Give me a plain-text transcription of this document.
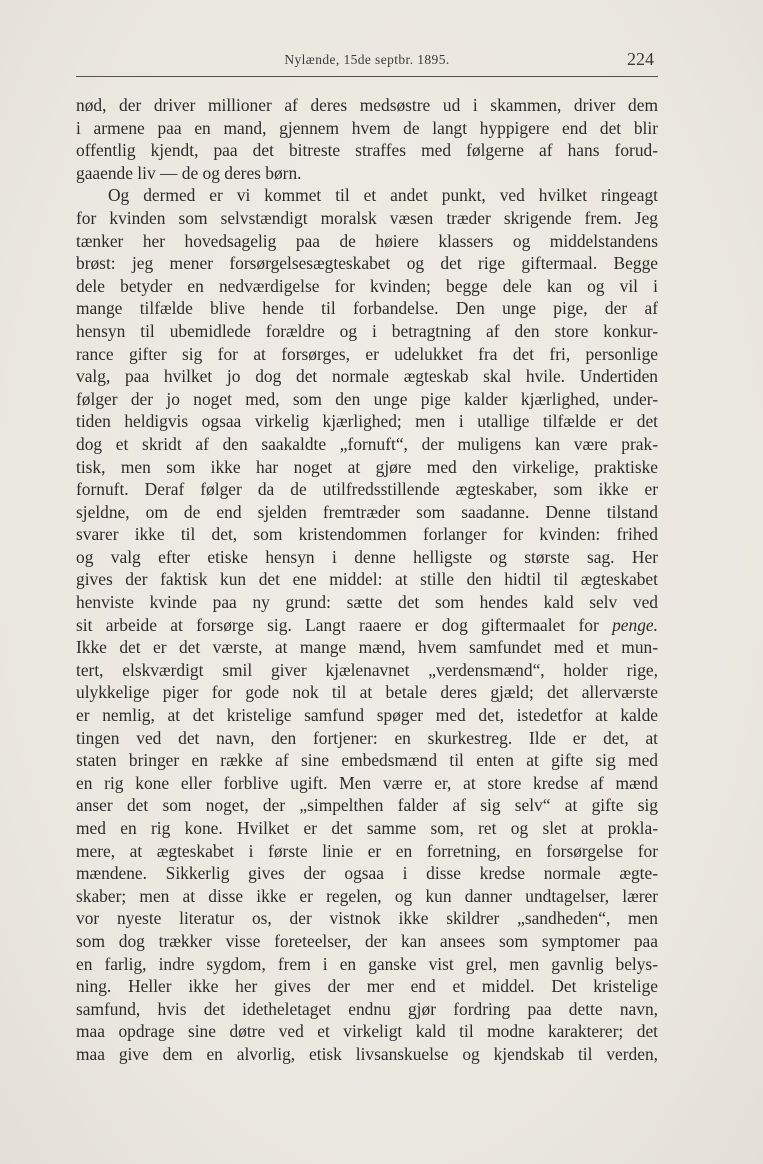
Nylænde, 15de septbr. 1895.	224
nød, der driver millioner af deres medsøstre ud i skammen, driver dem
i armene paa en mand, gjennem hvem de langt hyppigere end det blir
offentlig kjendt, paa det bitreste straffes med følgerne af hans forud-
gaaende liv — de og deres børn.
Og dermed er vi kommet til et andet punkt, ved hvilket ringeagt
for kvinden som selvstændigt moralsk væsen træder skrigende frem. Jeg
tænker her hovedsagelig paa de høiere klassers og middelstandens
brøst: jeg mener forsørgelsesægteskabet og det rige giftermaal. Begge
dele betyder en nedværdigelse for kvinden; begge dele kan og vil i
mange tilfælde blive hende til forbandelse. Den unge pige, der af
hensyn til ubemidlede forældre og i betragtning af den store konkur-
rance gifter sig for at forsørges, er udelukket fra det fri, personlige
valg, paa hvilket jo dog det normale ægteskab skal hvile. Undertiden
følger der jo noget med, som den unge pige kalder kjærlighed, under-
tiden heldigvis ogsaa virkelig kjærlighed; men i utallige tilfælde er det
dog et skridt af den saakaldte „fornuft“, der muligens kan være prak-
tisk, men som ikke har noget at gjøre med den virkelige, praktiske
fornuft. Deraf følger da de utilfredsstillende ægteskaber, som ikke er
sjeldne, om de end sjelden fremtræder som saadanne. Denne tilstand
svarer ikke til det, som kristendommen forlanger for kvinden: frihed
og valg efter etiske hensyn i denne helligste og største sag. Her
gives der faktisk kun det ene middel: at stille den hidtil til ægteskabet
henviste kvinde paa ny grund: sætte det som hendes kald selv ved
sit arbeide at forsørge sig. Langt raaere er dog giftermaalet for penge.
Ikke det er det værste, at mange mænd, hvem samfundet med et mun-
tert, elskværdigt smil giver kjælenavnet „verdensmænd“, holder rige,
ulykkelige piger for gode nok til at betale deres gjæld; det allerværste
er nemlig, at det kristelige samfund spøger med det, istedetfor at kalde
tingen ved det navn, den fortjener: en skurkestreg. Ilde er det, at
staten bringer en række af sine embedsmænd til enten at gifte sig med
en rig kone eller forblive ugift. Men værre er, at store kredse af mænd
anser det som noget, der „simpelthen falder af sig selv“ at gifte sig
med en rig kone. Hvilket er det samme som, ret og slet at prokla-
mere, at ægteskabet i første linie er en forretning, en forsørgelse for
mændene. Sikkerlig gives der ogsaa i disse kredse normale ægte-
skaber; men at disse ikke er regelen, og kun danner undtagelser, lærer
vor nyeste literatur os, der vistnok ikke skildrer „sandheden“, men
som dog trækker visse foreteelser, der kan ansees som symptomer paa
en farlig, indre sygdom, frem i en ganske vist grel, men gavnlig belys-
ning. Heller ikke her gives der mer end et middel. Det kristelige
samfund, hvis det idetheletaget endnu gjør fordring paa dette navn,
maa opdrage sine døtre ved et virkeligt kald til modne karakterer; det
maa give dem en alvorlig, etisk livsanskuelse og kjendskab til verden,
